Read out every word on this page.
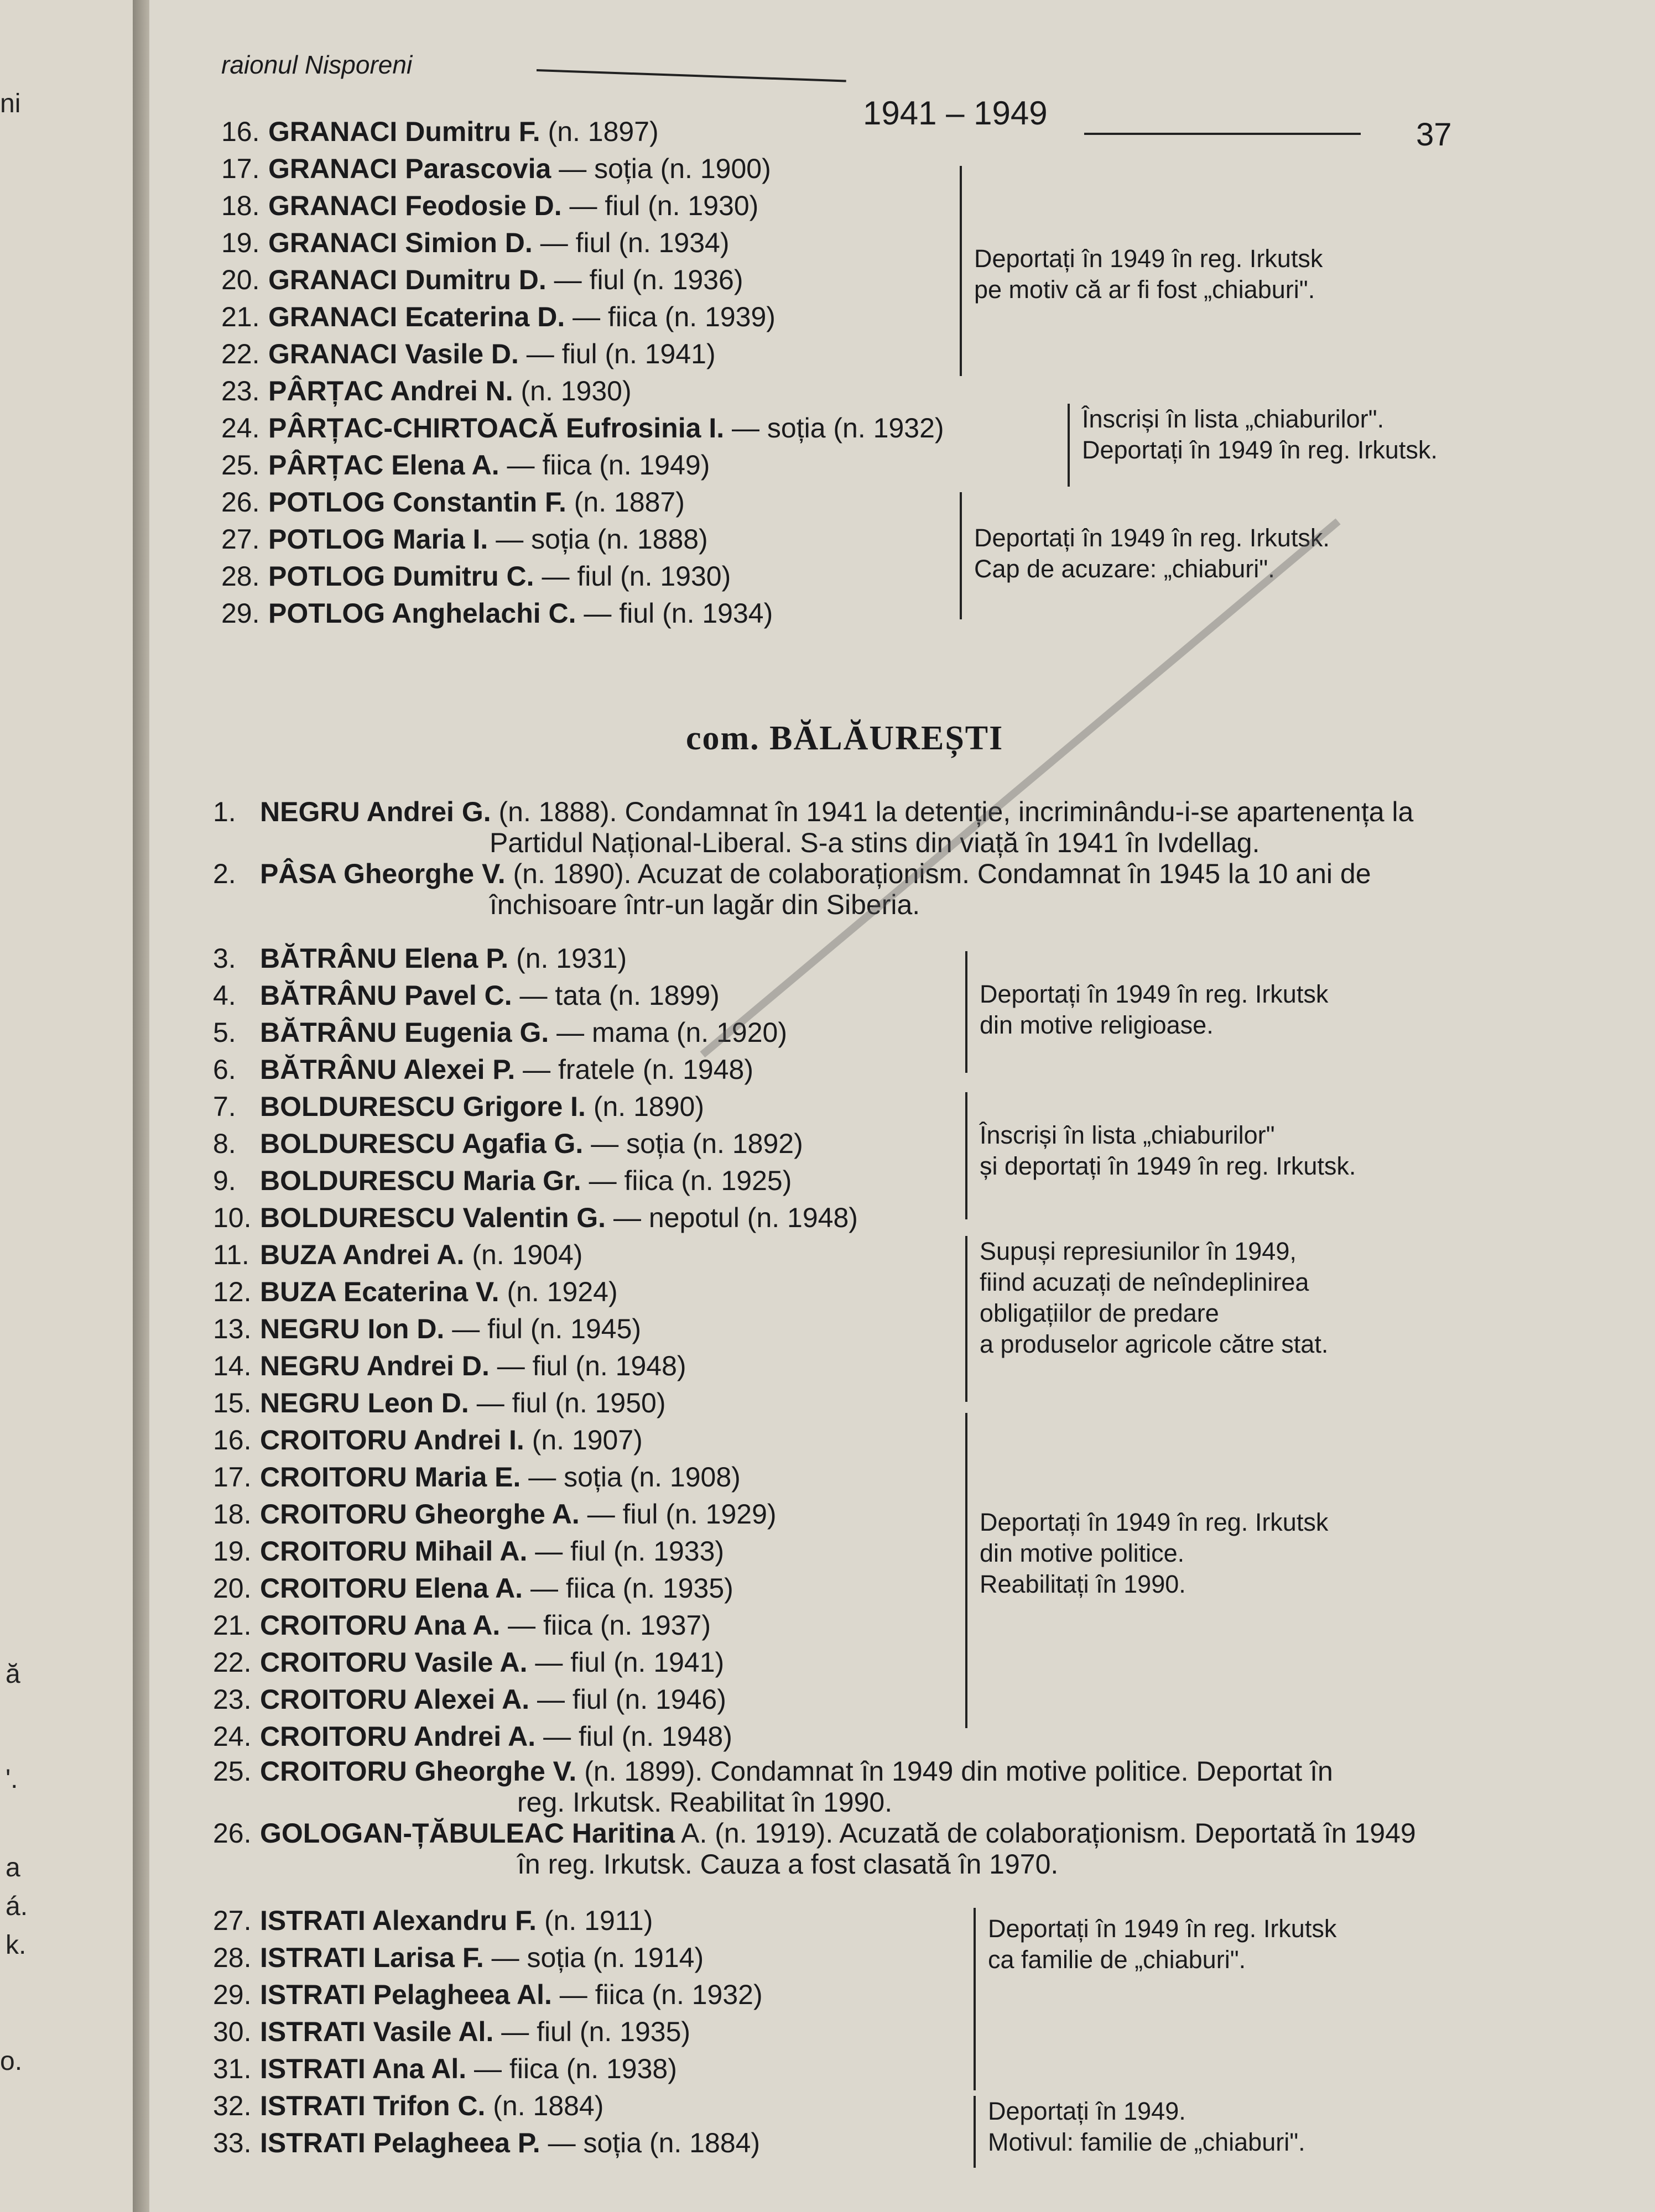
ni
ă
'.
a
á.
k.
o.
raionul Nisporeni
1941 – 1949
37
16. GRANACI Dumitru F. (n. 1897)
17. GRANACI Parascovia — soția (n. 1900)
18. GRANACI Feodosie D. — fiul (n. 1930)
19. GRANACI Simion D. — fiul (n. 1934)
20. GRANACI Dumitru D. — fiul (n. 1936)
21. GRANACI Ecaterina D. — fiica (n. 1939)
22. GRANACI Vasile D. — fiul (n. 1941)
23. PÂRȚAC Andrei N. (n. 1930)
24. PÂRȚAC-CHIRTOACĂ Eufrosinia I. — soția (n. 1932)
25. PÂRȚAC Elena A. — fiica (n. 1949)
26. POTLOG Constantin F. (n. 1887)
27. POTLOG Maria I. — soția (n. 1888)
28. POTLOG Dumitru C. — fiul (n. 1930)
29. POTLOG Anghelachi C. — fiul (n. 1934)
Deportați în 1949 în reg. Irkutsk
pe motiv că ar fi fost „chiaburi".
Înscriși în lista „chiaburilor".
Deportați în 1949 în reg. Irkutsk.
Deportați în 1949 în reg. Irkutsk.
Cap de acuzare: „chiaburi".
com. BĂLĂUREȘTI
1. NEGRU Andrei G. (n. 1888). Condamnat în 1941 la detenție, incriminându-i-se apartenența la
Partidul Național-Liberal. S-a stins din viață în 1941 în Ivdellag.
2. PÂSA Gheorghe V. (n. 1890). Acuzat de colaboraționism. Condamnat în 1945 la 10 ani de
închisoare într-un lagăr din Siberia.
3. BĂTRÂNU Elena P. (n. 1931)
4. BĂTRÂNU Pavel C. — tata (n. 1899)
5. BĂTRÂNU Eugenia G. — mama (n. 1920)
6. BĂTRÂNU Alexei P. — fratele (n. 1948)
7. BOLDURESCU Grigore I. (n. 1890)
8. BOLDURESCU Agafia G. — soția (n. 1892)
9. BOLDURESCU Maria Gr. — fiica (n. 1925)
10. BOLDURESCU Valentin G. — nepotul (n. 1948)
11. BUZA Andrei A. (n. 1904)
12. BUZA Ecaterina V. (n. 1924)
13. NEGRU Ion D. — fiul (n. 1945)
14. NEGRU Andrei D. — fiul (n. 1948)
15. NEGRU Leon D. — fiul (n. 1950)
16. CROITORU Andrei I. (n. 1907)
17. CROITORU Maria E. — soția (n. 1908)
18. CROITORU Gheorghe A. — fiul (n. 1929)
19. CROITORU Mihail A. — fiul (n. 1933)
20. CROITORU Elena A. — fiica (n. 1935)
21. CROITORU Ana A. — fiica (n. 1937)
22. CROITORU Vasile A. — fiul (n. 1941)
23. CROITORU Alexei A. — fiul (n. 1946)
24. CROITORU Andrei A. — fiul (n. 1948)
Deportați în 1949 în reg. Irkutsk
din motive religioase.
Înscriși în lista „chiaburilor"
și deportați în 1949 în reg. Irkutsk.
Supuși represiunilor în 1949,
fiind acuzați de neîndeplinirea
obligațiilor de predare
a produselor agricole către stat.
Deportați în 1949 în reg. Irkutsk
din motive politice.
Reabilitați în 1990.
25. CROITORU Gheorghe V. (n. 1899). Condamnat în 1949 din motive politice. Deportat în
reg. Irkutsk. Reabilitat în 1990.
26. GOLOGAN-ȚĂBULEAC Haritina A. (n. 1919). Acuzată de colaboraționism. Deportată în 1949
în reg. Irkutsk. Cauza a fost clasată în 1970.
27. ISTRATI Alexandru F. (n. 1911)
28. ISTRATI Larisa F. — soția (n. 1914)
29. ISTRATI Pelagheea Al. — fiica (n. 1932)
30. ISTRATI Vasile Al. — fiul (n. 1935)
31. ISTRATI Ana Al. — fiica (n. 1938)
32. ISTRATI Trifon C. (n. 1884)
33. ISTRATI Pelagheea P. — soția (n. 1884)
Deportați în 1949 în reg. Irkutsk
ca familie de „chiaburi".
Deportați în 1949.
Motivul: familie de „chiaburi".
